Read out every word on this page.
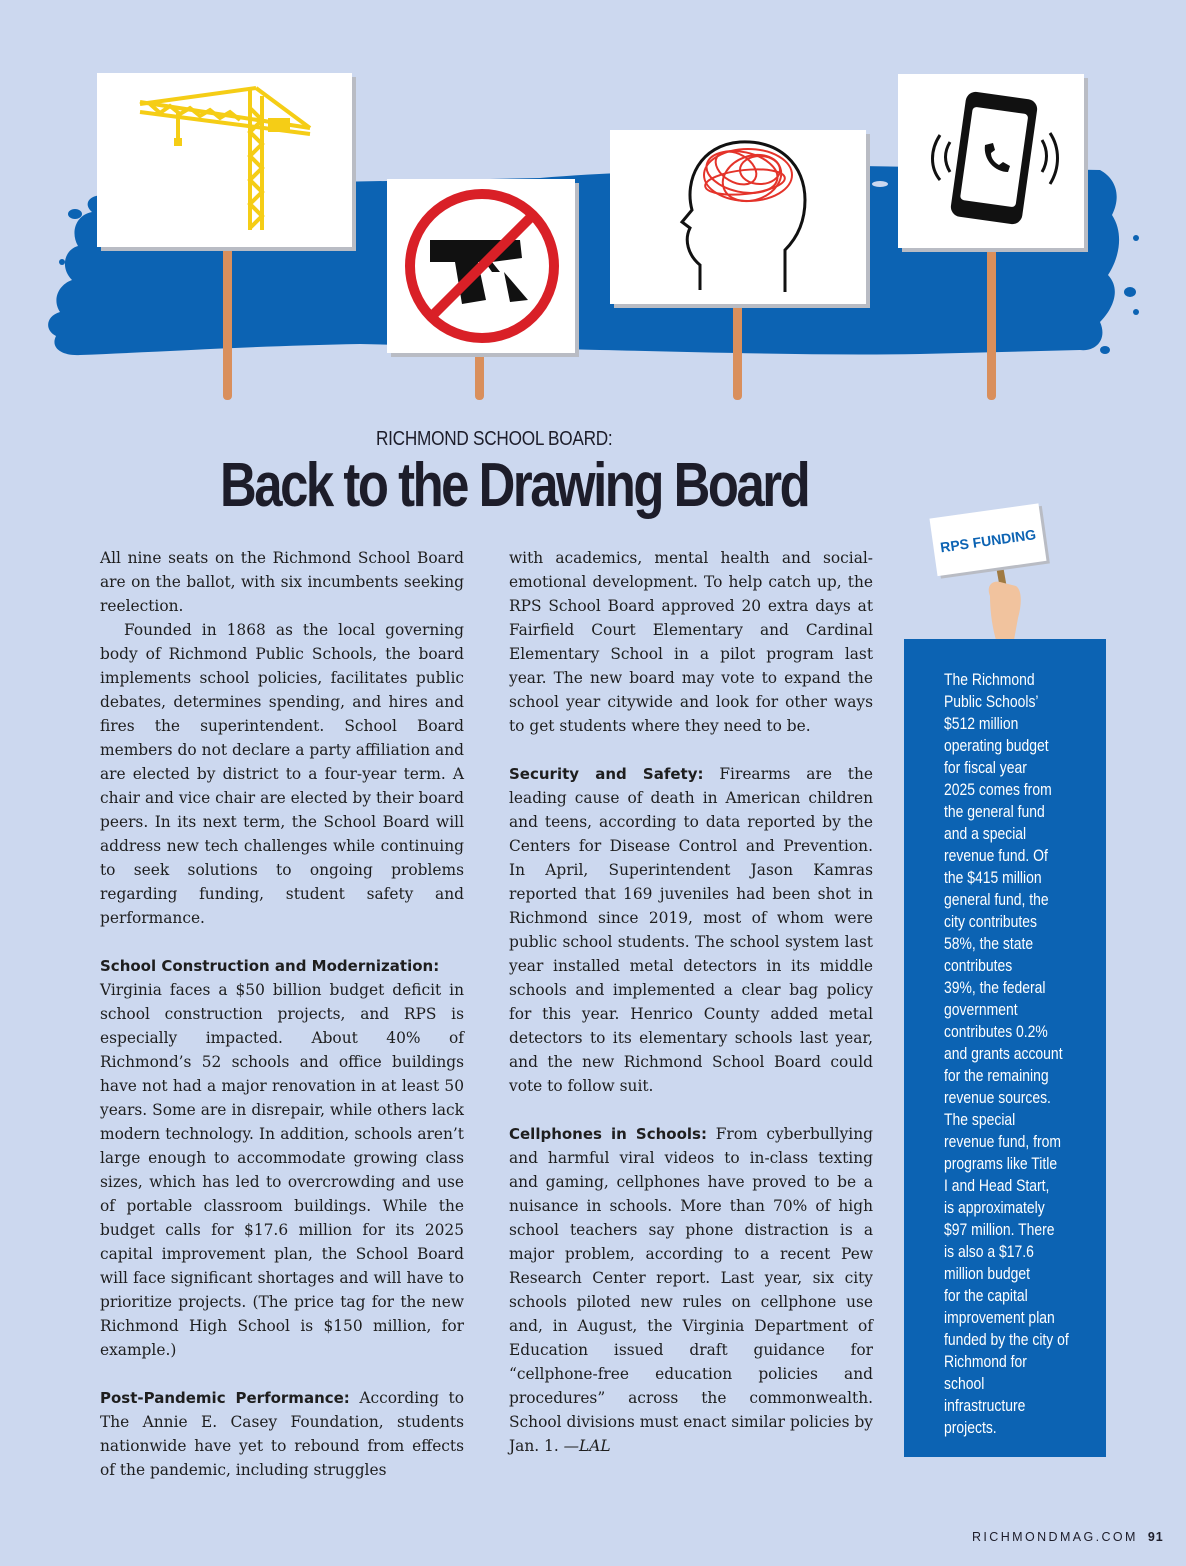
RICHMOND SCHOOL BOARD:
Back to the Drawing Board

All nine seats on the Richmond School Board are on the ballot, with six incumbents seeking reelection.

Founded in 1868 as the local governing body of Richmond Public Schools, the board implements school policies, facilitates public debates, determines spending, and hires and fires the superintendent. School Board members do not declare a party affiliation and are elected by district to a four-year term. A chair and vice chair are elected by their board peers. In its next term, the School Board will address new tech challenges while continuing to seek solutions to ongoing problems regarding funding, student safety and performance.

School Construction and Modernization:
Virginia faces a $50 billion budget deficit in school construction projects, and RPS is especially impacted. About 40% of Richmond’s 52 schools and office buildings have not had a major renovation in at least 50 years. Some are in disrepair, while others lack modern technology. In addition, schools aren’t large enough to accommodate growing class sizes, which has led to overcrowding and use of portable classroom buildings. While the budget calls for $17.6 million for its 2025 capital improvement plan, the School Board will face significant shortages and will have to prioritize projects. (The price tag for the new Richmond High School is $150 million, for example.)

Post-Pandemic Performance: According to The Annie E. Casey Foundation, students nationwide have yet to rebound from effects of the pandemic, including struggles

with academics, mental health and social-emotional development. To help catch up, the RPS School Board approved 20 extra days at Fairfield Court Elementary and Cardinal Elementary School in a pilot program last year. The new board may vote to expand the school year citywide and look for other ways to get students where they need to be.

Security and Safety: Firearms are the leading cause of death in American children and teens, according to data reported by the Centers for Disease Control and Prevention. In April, Superintendent Jason Kamras reported that 169 juveniles had been shot in Richmond since 2019, most of whom were public school students. The school system last year installed metal detectors in its middle schools and implemented a clear bag policy for this year. Henrico County added metal detectors to its elementary schools last year, and the new Richmond School Board could vote to follow suit.

Cellphones in Schools: From cyberbullying and harmful viral videos to in-class texting and gaming, cellphones have proved to be a nuisance in schools. More than 70% of high school teachers say phone distraction is a major problem, according to a recent Pew Research Center report. Last year, six city schools piloted new rules on cellphone use and, in August, the Virginia Department of Education issued draft guidance for “cellphone-free education policies and procedures” across the commonwealth. School divisions must enact similar policies by Jan. 1. —LAL

RPS FUNDING
The Richmond
Public Schools’
$512 million
operating budget
for fiscal year
2025 comes from
the general fund
and a special
revenue fund. Of
the $415 million
general fund, the
city contributes
58%, the state
contributes
39%, the federal
government
contributes 0.2%
and grants account
for the remaining
revenue sources.
The special
revenue fund, from
programs like Title
I and Head Start,
is approximately
$97 million. There
is also a $17.6
million budget
for the capital
improvement plan
funded by the city of
Richmond for school
infrastructure
projects.
RICHMONDMAG.COM 91
